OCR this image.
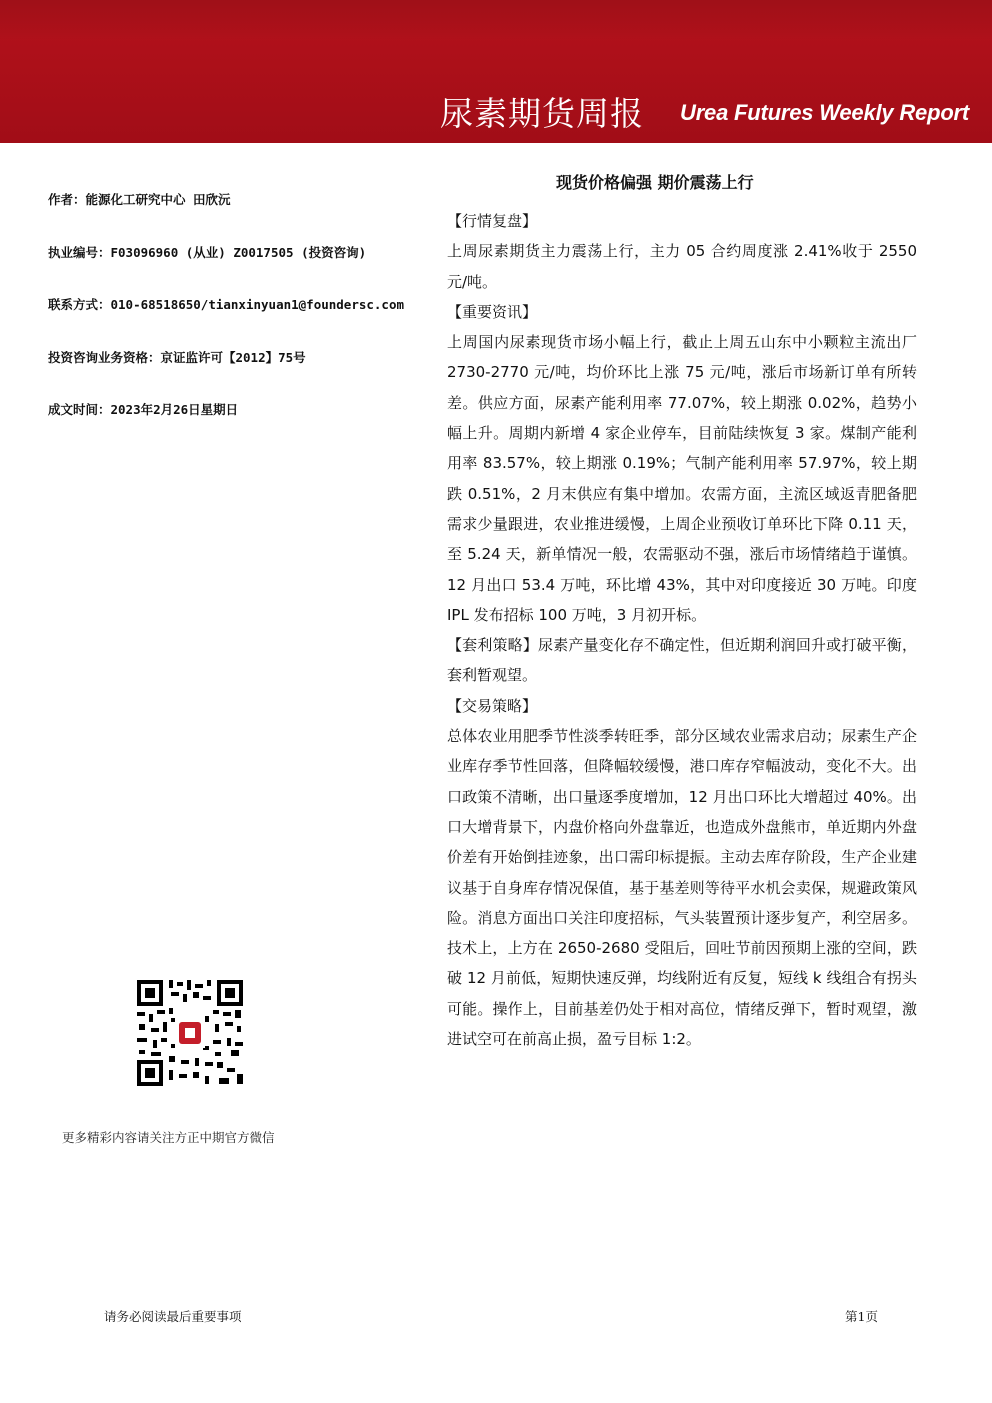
尿素期货周报 Urea Futures Weekly Report
作者：能源化工研究中心 田欣沅
执业编号：F03096960 (从业) Z0017505 (投资咨询)
联系方式：010-68518650/tianxinyuan1@foundersc.com
投资咨询业务资格：京证监许可【2012】75号
成文时间：2023年2月26日星期日
更多精彩内容请关注方正中期官方微信
现货价格偏强 期价震荡上行

【行情复盘】

上周尿素期货主力震荡上行，主力 05 合约周度涨 2.41%收于 2550 元/吨。

【重要资讯】

上周国内尿素现货市场小幅上行，截止上周五山东中小颗粒主流出厂 2730-2770 元/吨，均价环比上涨 75 元/吨，涨后市场新订单有所转差。供应方面，尿素产能利用率 77.07%，较上期涨 0.02%，趋势小幅上升。周期内新增 4 家企业停车，目前陆续恢复 3 家。煤制产能利用率 83.57%，较上期涨 0.19%；气制产能利用率 57.97%，较上期跌 0.51%，2 月末供应有集中增加。农需方面，主流区域返青肥备肥需求少量跟进，农业推进缓慢，上周企业预收订单环比下降 0.11 天，至 5.24 天，新单情况一般，农需驱动不强，涨后市场情绪趋于谨慎。12 月出口 53.4 万吨，环比增 43%，其中对印度接近 30 万吨。印度 IPL 发布招标 100 万吨，3 月初开标。

【套利策略】尿素产量变化存不确定性，但近期利润回升或打破平衡，套利暂观望。

【交易策略】

总体农业用肥季节性淡季转旺季，部分区域农业需求启动；尿素生产企业库存季节性回落，但降幅较缓慢，港口库存窄幅波动，变化不大。出口政策不清晰，出口量逐季度增加，12 月出口环比大增超过 40%。出口大增背景下，内盘价格向外盘靠近，也造成外盘熊市，单近期内外盘价差有开始倒挂迹象，出口需印标提振。主动去库存阶段，生产企业建议基于自身库存情况保值，基于基差则等待平水机会卖保，规避政策风险。消息方面出口关注印度招标，气头装置预计逐步复产，利空居多。技术上，上方在 2650-2680 受阻后，回吐节前因预期上涨的空间，跌破 12 月前低，短期快速反弹，均线附近有反复，短线 k 线组合有拐头可能。操作上，目前基差仍处于相对高位，情绪反弹下，暂时观望，激进试空可在前高止损，盈亏目标 1:2。

请务必阅读最后重要事项	第1页
